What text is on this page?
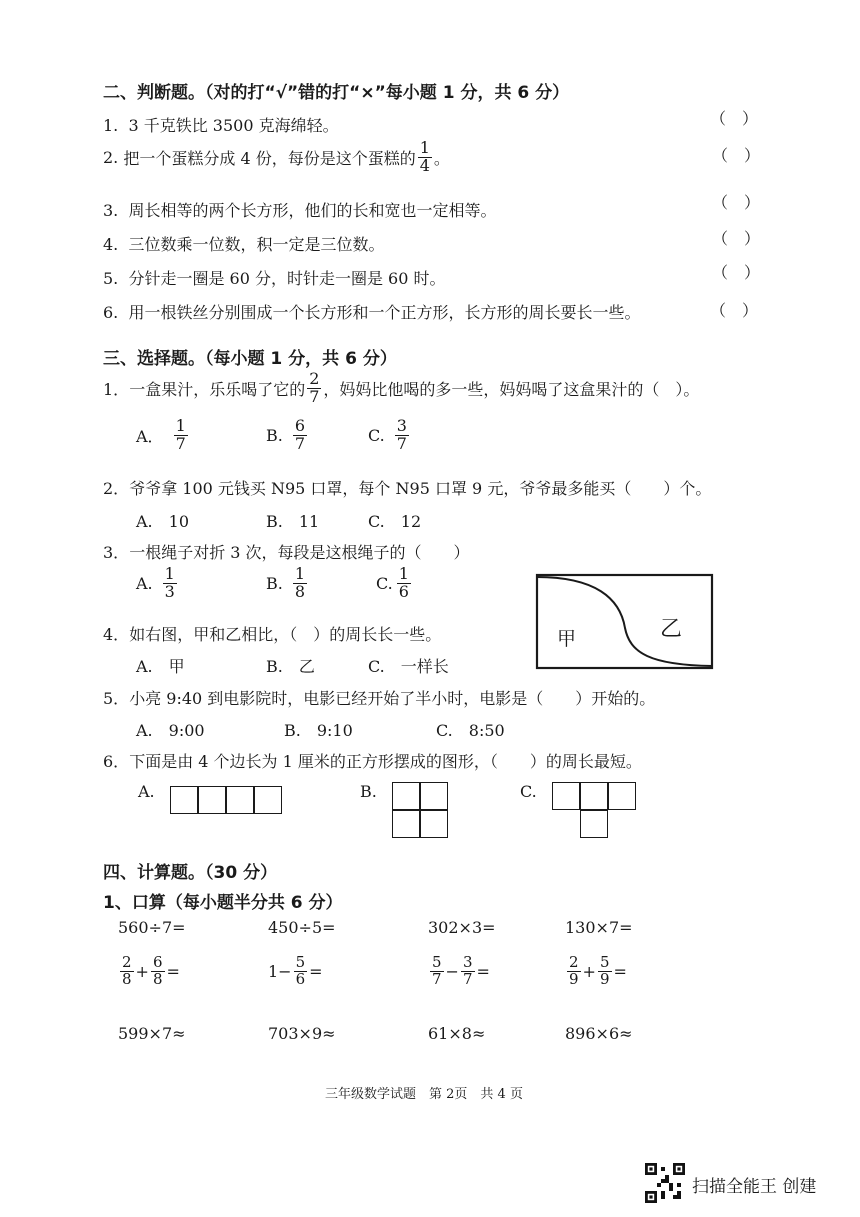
二、判断题。（对的打“√”错的打“×”每小题 1 分，共 6 分）
1. 3 千克铁比 3500 克海绵轻。	（　）
2.
把一个蛋糕分成 4 份，每份是这个蛋糕的 $\frac{1}{4}$ 。	（　）
3. 周长相等的两个长方形，他们的长和宽也一定相等。	（　）
4. 三位数乘一位数，积一定是三位数。	（　）
5. 分针走一圈是 60 分，时针走一圈是 60 时。	（　）
6. 用一根铁丝分别围成一个长方形和一个正方形，长方形的周长要长一些。	（　）
三、选择题。（每小题 1 分，共 6 分）
1． 一盒果汁，乐乐喝了它的 $\frac{2}{7}$ ，妈妈比他喝的多一些，妈妈喝了这盒果汁的（　）。
A． $\frac{1}{7}$	B. $\frac{6}{7}$	C. $\frac{3}{7}$
2．爷爷拿 100 元钱买 N95 口罩，每个 N95 口罩 9 元，爷爷最多能买（　　）个。
A.　10	B.　11	C.　12
3．一根绳子对折 3 次，每段是这根绳子的（　　）
A. $\frac{1}{3}$	B. $\frac{1}{8}$	C. $\frac{1}{6}$
甲	乙
4．如右图，甲和乙相比，（　）的周长长一些。
A.　甲	B.　乙	C.　一样长
5．小亮 9:40 到电影院时，电影已经开始了半小时，电影是（　　）开始的。
A.　9:00	B.　9:10	C.　8:50
6．下面是由 4 个边长为 1 厘米的正方形摆成的图形，（　　）的周长最短。
A.	B.	C.
四、计算题。（30 分）
1、口算（每小题半分共 6 分）
560÷7=	450÷5=	302×3=	130×7=
$\frac{2}{8} + \frac{6}{8}$ =	$1- \frac{5}{6}$ =	$\frac{5}{7} - \frac{3}{7}$ =	$\frac{2}{9} + \frac{5}{9}$ =
599×7≈	703×9≈	61×8≈	896×6≈
三年级数学试题　第 2页　共 4 页
扫描全能王 创建
